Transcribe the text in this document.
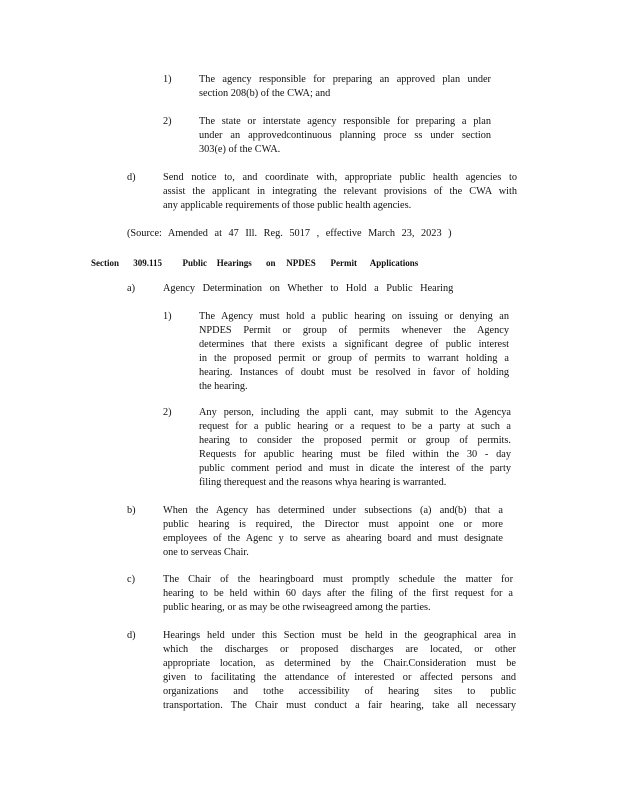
1)	The agency responsible for preparing an approved plan under
section 208(b) of the CWA; and
2)	The state or interstate agency responsible for preparing a plan
under an approvedcontinuous planning proce ss under section
303(e) of the CWA.
d)	Send notice to, and coordinate with, appropriate public health agencies to
assist the applicant in integrating the relevant provisions of the CWA with
any applicable requirements of those public health agencies.
(Source: Amended at 47 Ill. Reg. 5017 , effective March 23, 2023 )
Section 309.115 Public Hearings on NPDES Permit Applications
a)	Agency Determination on Whether to Hold a Public Hearing
1)	The Agency must hold a public hearing on issuing or denying an
NPDES Permit or group of permits whenever the Agency
determines that there exists a significant degree of public interest
in the proposed permit or group of permits to warrant holding a
hearing. Instances of doubt must be resolved in favor of holding
the hearing.
2)	Any person, including the appli cant, may submit to the Agencya
request for a public hearing or a request to be a party at such a
hearing to consider the proposed permit or group of permits.
Requests for apublic hearing must be filed within the 30 - day
public comment period and must in dicate the interest of the party
filing therequest and the reasons whya hearing is warranted.
b)	When the Agency has determined under subsections (a) and(b) that a
public hearing is required, the Director must appoint one or more
employees of the Agenc y to serve as ahearing board and must designate
one to serveas Chair.
c)	The Chair of the hearingboard must promptly schedule the matter for
hearing to be held within 60 days after the filing of the first request for a
public hearing, or as may be othe rwiseagreed among the parties.
d)	Hearings held under this Section must be held in the geographical area in
which the discharges or proposed discharges are located, or other
appropriate location, as determined by the Chair.Consideration must be
given to facilitating the attendance of interested or affected persons and
organizations and tothe accessibility of hearing sites to public
transportation. The Chair must conduct a fair hearing, take all necessary
